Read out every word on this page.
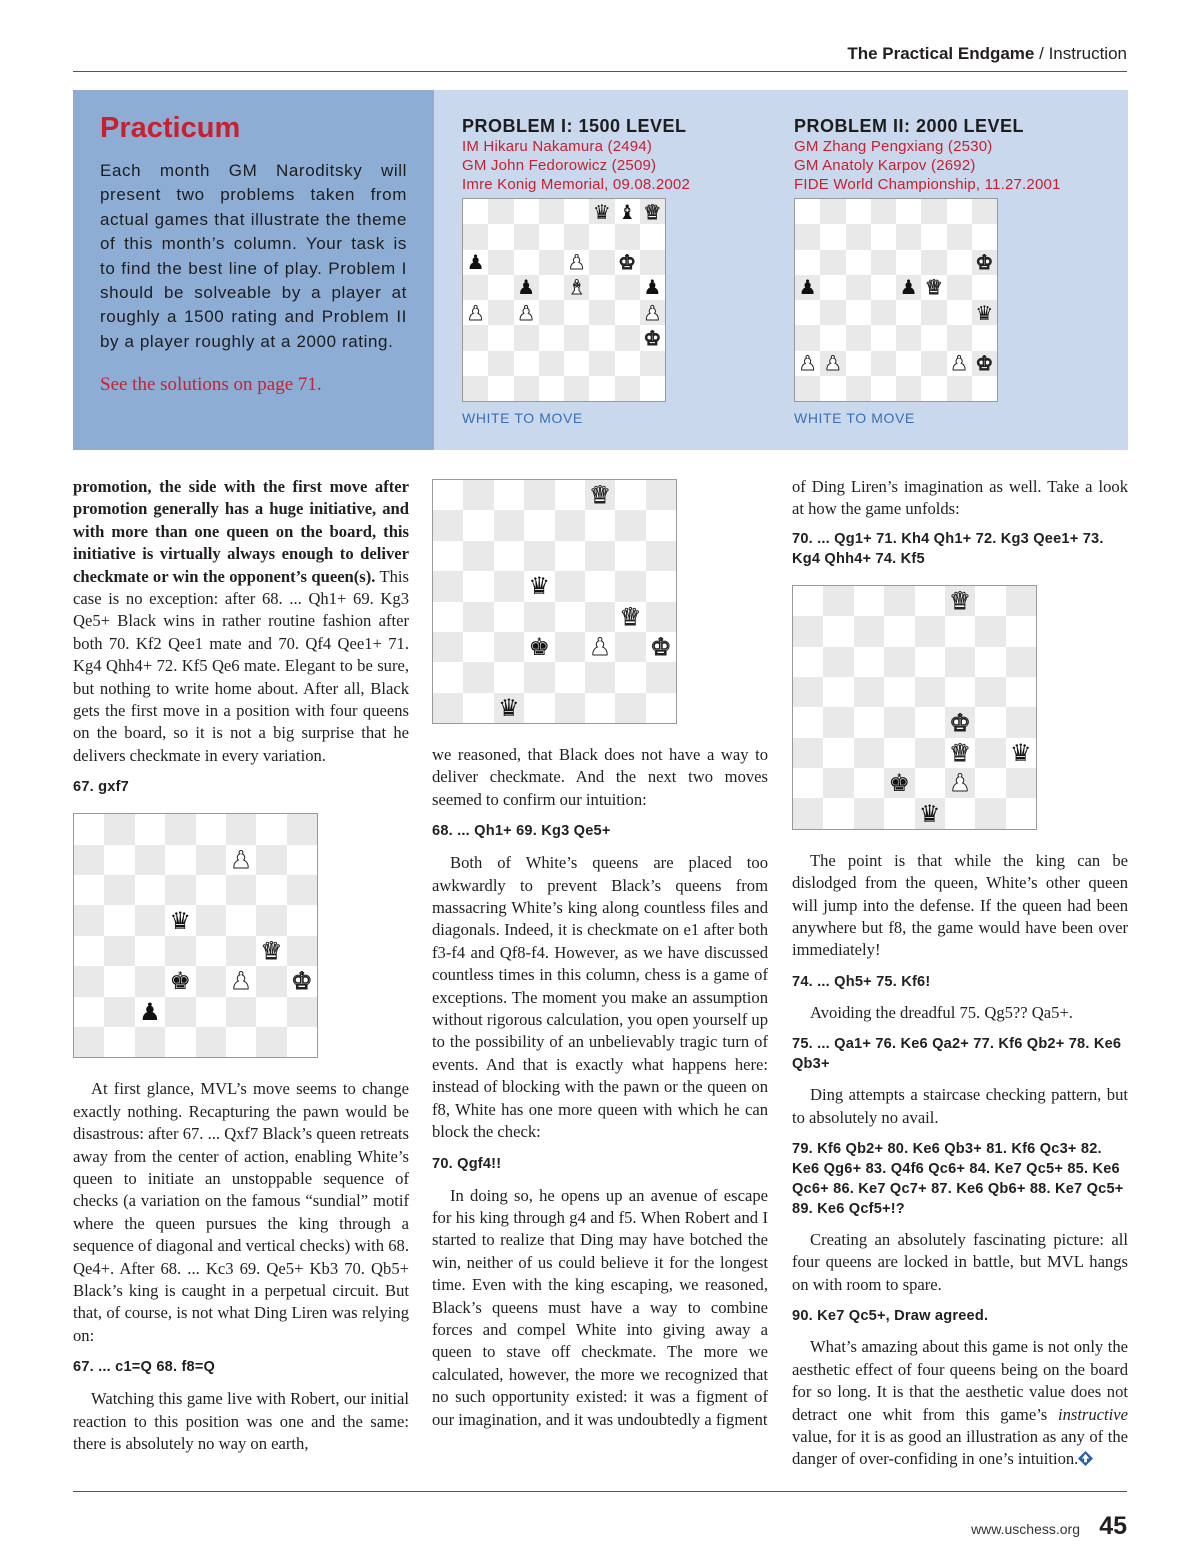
The Practical Endgame / Instruction
Practicum
Each month GM Naroditsky will present two problems taken from actual games that illustrate the theme of this month’s column. Your task is to find the best line of play. Problem I should be solveable by a player at roughly a 1500 rating and Problem II by a player roughly at a 2000 rating.
See the solutions on page 71.
PROBLEM I: 1500 LEVEL
IM Hikaru Nakamura (2494)
GM John Fedorowicz (2509)
Imre Konig Memorial, 09.08.2002
♛ ♝ ♛
♟	♟ ♚
♟ ♝	♟
♟ ♟	♟
♚
WHITE TO MOVE
PROBLEM II: 2000 LEVEL
GM Zhang Pengxiang (2530)
GM Anatoly Karpov (2692)
FIDE World Championship, 11.27.2001
♚
♟	♟ ♛
♛
♟ ♟	♟ ♚
WHITE TO MOVE

promotion, the side with the first move after promotion generally has a huge initiative, and with more than one queen on the board, this initiative is virtually always enough to deliver checkmate or win the opponent’s queen(s). This case is no exception: after 68. ... Qh1+ 69. Kg3 Qe5+ Black wins in rather routine fashion after both 70. Kf2 Qee1 mate and 70. Qf4 Qee1+ 71. Kg4 Qhh4+ 72. Kf5 Qe6 mate. Elegant to be sure, but nothing to write home about. After all, Black gets the first move in a position with four queens on the board, so it is not a big surprise that he delivers checkmate in every variation.

67. gxf7

♟
♛
♛
♚ ♟ ♚
♟

At first glance, MVL’s move seems to change exactly nothing. Recapturing the pawn would be disastrous: after 67. ... Qxf7 Black’s queen retreats away from the center of action, enabling White’s queen to initiate an unstoppable sequence of checks (a variation on the famous “sundial” motif where the queen pursues the king through a sequence of diagonal and vertical checks) with 68. Qe4+. After 68. ... Kc3 69. Qe5+ Kb3 70. Qb5+ Black’s king is caught in a perpetual circuit. But that, of course, is not what Ding Liren was relying on:

67. ... c1=Q 68. f8=Q

Watching this game live with Robert, our initial reaction to this position was one and the same: there is absolutely no way on earth,

♛
♛
♛
♚ ♟ ♚
♛

we reasoned, that Black does not have a way to deliver checkmate. And the next two moves seemed to confirm our intuition:

68. ... Qh1+ 69. Kg3 Qe5+

Both of White’s queens are placed too awkwardly to prevent Black’s queens from massacring White’s king along countless files and diagonals. Indeed, it is checkmate on e1 after both f3-f4 and Qf8-f4. However, as we have discussed countless times in this column, chess is a game of exceptions. The moment you make an assumption without rigorous calculation, you open yourself up to the possibility of an unbelievably tragic turn of events. And that is exactly what happens here: instead of blocking with the pawn or the queen on f8, White has one more queen with which he can block the check:

70. Qgf4!!

In doing so, he opens up an avenue of escape for his king through g4 and f5. When Robert and I started to realize that Ding may have botched the win, neither of us could believe it for the longest time. Even with the king escaping, we reasoned, Black’s queens must have a way to combine forces and compel White into giving away a queen to stave off checkmate. The more we calculated, however, the more we recognized that no such opportunity existed: it was a figment of our imagination, and it was undoubtedly a figment

of Ding Liren’s imagination as well. Take a look at how the game unfolds:

70. ... Qg1+ 71. Kh4 Qh1+ 72. Kg3 Qee1+ 73. Kg4 Qhh4+ 74. Kf5

♛
♚
♛ ♛
♚ ♟
♛

The point is that while the king can be dislodged from the queen, White’s other queen will jump into the defense. If the queen had been anywhere but f8, the game would have been over immediately!

74. ... Qh5+ 75. Kf6!

Avoiding the dreadful 75. Qg5?? Qa5+.

75. ... Qa1+ 76. Ke6 Qa2+ 77. Kf6 Qb2+ 78. Ke6 Qb3+

Ding attempts a staircase checking pattern, but to absolutely no avail.

79. Kf6 Qb2+ 80. Ke6 Qb3+ 81. Kf6 Qc3+ 82. Ke6 Qg6+ 83. Q4f6 Qc6+ 84. Ke7 Qc5+ 85. Ke6 Qc6+ 86. Ke7 Qc7+ 87. Ke6 Qb6+ 88. Ke7 Qc5+ 89. Ke6 Qcf5+!?

Creating an absolutely fascinating picture: all four queens are locked in battle, but MVL hangs on with room to spare.

90. Ke7 Qc5+, Draw agreed.

What’s amazing about this game is not only the aesthetic effect of four queens being on the board for so long. It is that the aesthetic value does not detract one whit from this game’s instructive value, for it is as good an illustration as any of the danger of over-confiding in one’s intuition.

www.uschess.org 45
